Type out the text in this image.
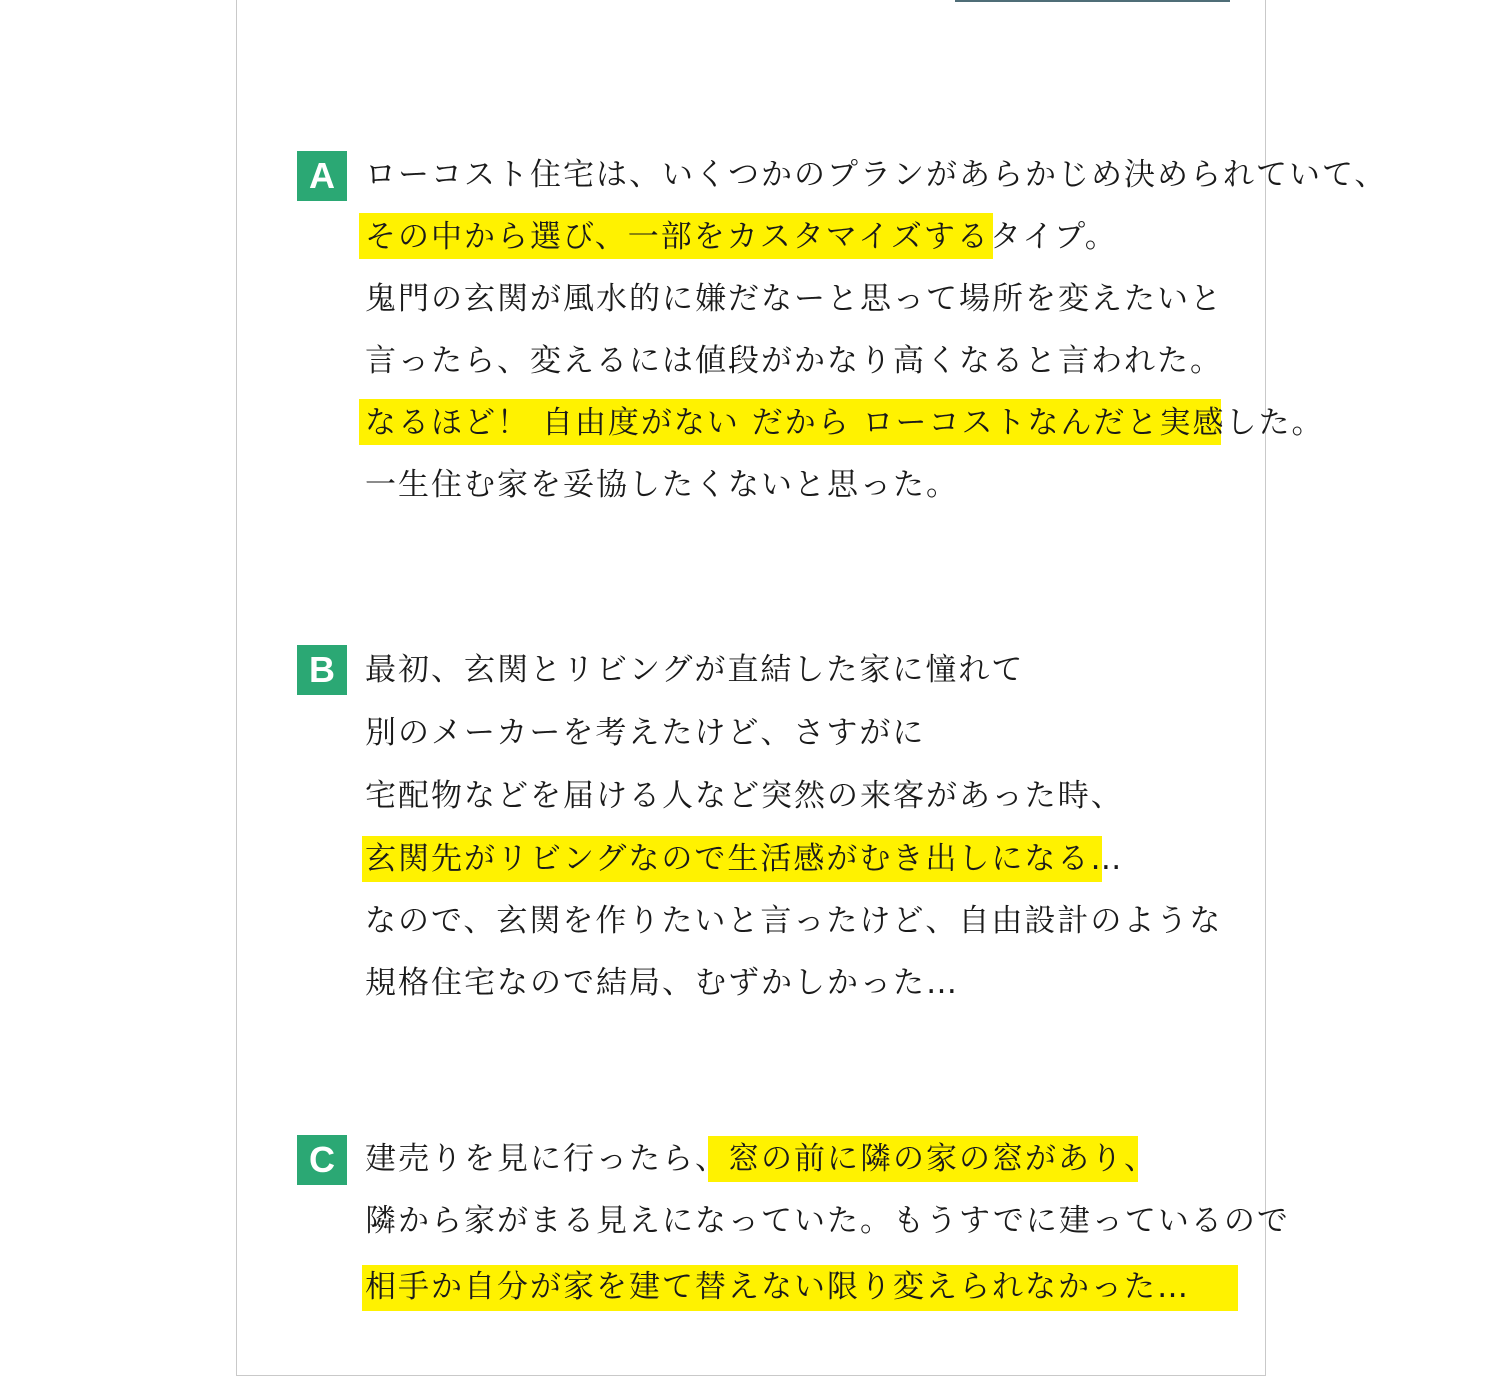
A ローコスト住宅は、いくつかのプランがあらかじめ決められていて、
その中から選び、一部をカスタマイズするタイプ。
鬼門の玄関が風水的に嫌だなーと思って場所を変えたいと
言ったら、変えるには値段がかなり高くなると言われた。
なるほど！ 自由度がない だから ローコストなんだと実感した。
一生住む家を妥協したくないと思った。
B 最初、玄関とリビングが直結した家に憧れて
別のメーカーを考えたけど、さすがに
宅配物などを届ける人など突然の来客があった時、
玄関先がリビングなので生活感がむき出しになる…
なので、玄関を作りたいと言ったけど、自由設計のような
規格住宅なので結局、むずかしかった…
C 建売りを見に行ったら、窓の前に隣の家の窓があり、
隣から家がまる見えになっていた。もうすでに建っているので
相手か自分が家を建て替えない限り変えられなかった…
